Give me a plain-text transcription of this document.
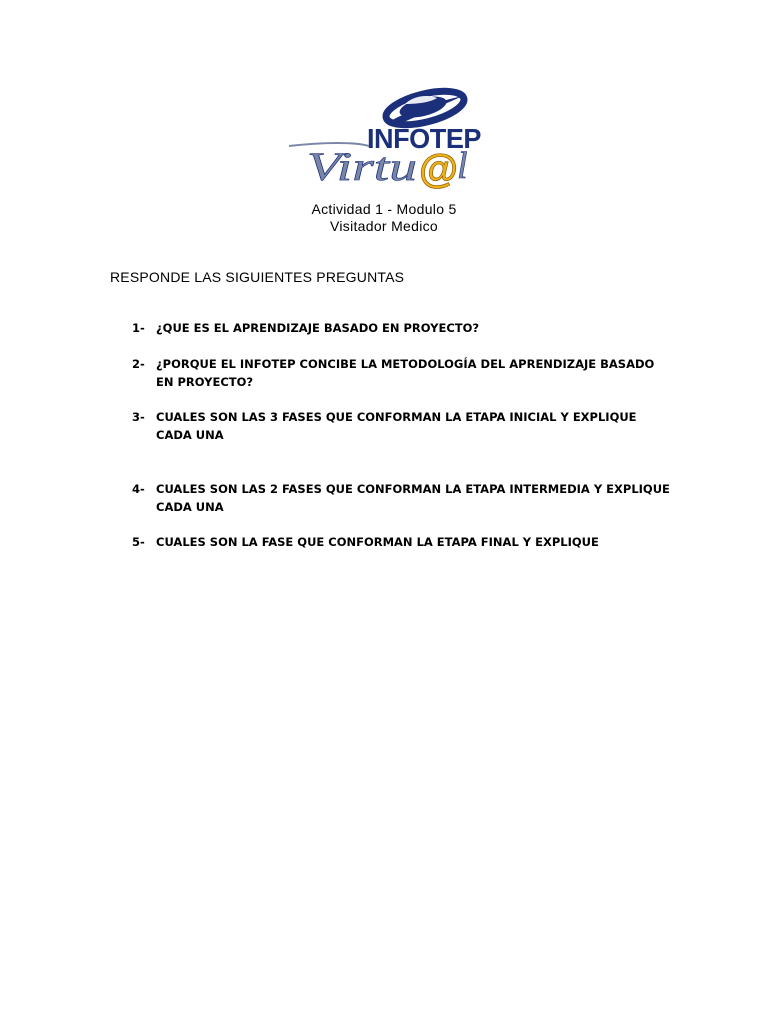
INFOTEP
Virtu @
l
Actividad 1 - Modulo 5
Visitador Medico
RESPONDE LAS SIGUIENTES PREGUNTAS
1- ¿QUE ES EL APRENDIZAJE BASADO EN PROYECTO?
2- ¿PORQUE EL INFOTEP CONCIBE LA METODOLOGÍA DEL APRENDIZAJE BASADO EN PROYECTO?
3- CUALES SON LAS 3 FASES QUE CONFORMAN LA ETAPA INICIAL Y EXPLIQUE CADA UNA
4- CUALES SON LAS 2 FASES QUE CONFORMAN LA ETAPA INTERMEDIA Y EXPLIQUE CADA UNA
5- CUALES SON LA FASE QUE CONFORMAN LA ETAPA FINAL Y EXPLIQUE
